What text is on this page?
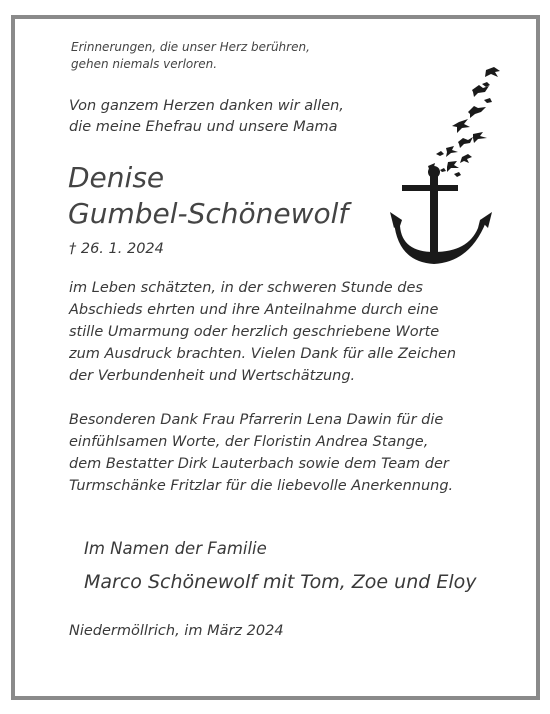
Erinnerungen, die unser Herz berühren,
gehen niemals verloren.
Von ganzem Herzen danken wir allen,
die meine Ehefrau und unsere Mama
Denise
Gumbel-Schönewolf
† 26. 1. 2024
im Leben schätzten, in der schweren Stunde des
Abschieds ehrten und ihre Anteilnahme durch eine
stille Umarmung oder herzlich geschriebene Worte
zum Ausdruck brachten. Vielen Dank für alle Zeichen
der Verbundenheit und Wertschätzung.
Besonderen Dank Frau Pfarrerin Lena Dawin für die
einfühlsamen Worte, der Floristin Andrea Stange,
dem Bestatter Dirk Lauterbach sowie dem Team der
Turmschänke Fritzlar für die liebevolle Anerkennung.
Im Namen der Familie
Marco Schönewolf mit Tom, Zoe und Eloy
Niedermöllrich, im März 2024
